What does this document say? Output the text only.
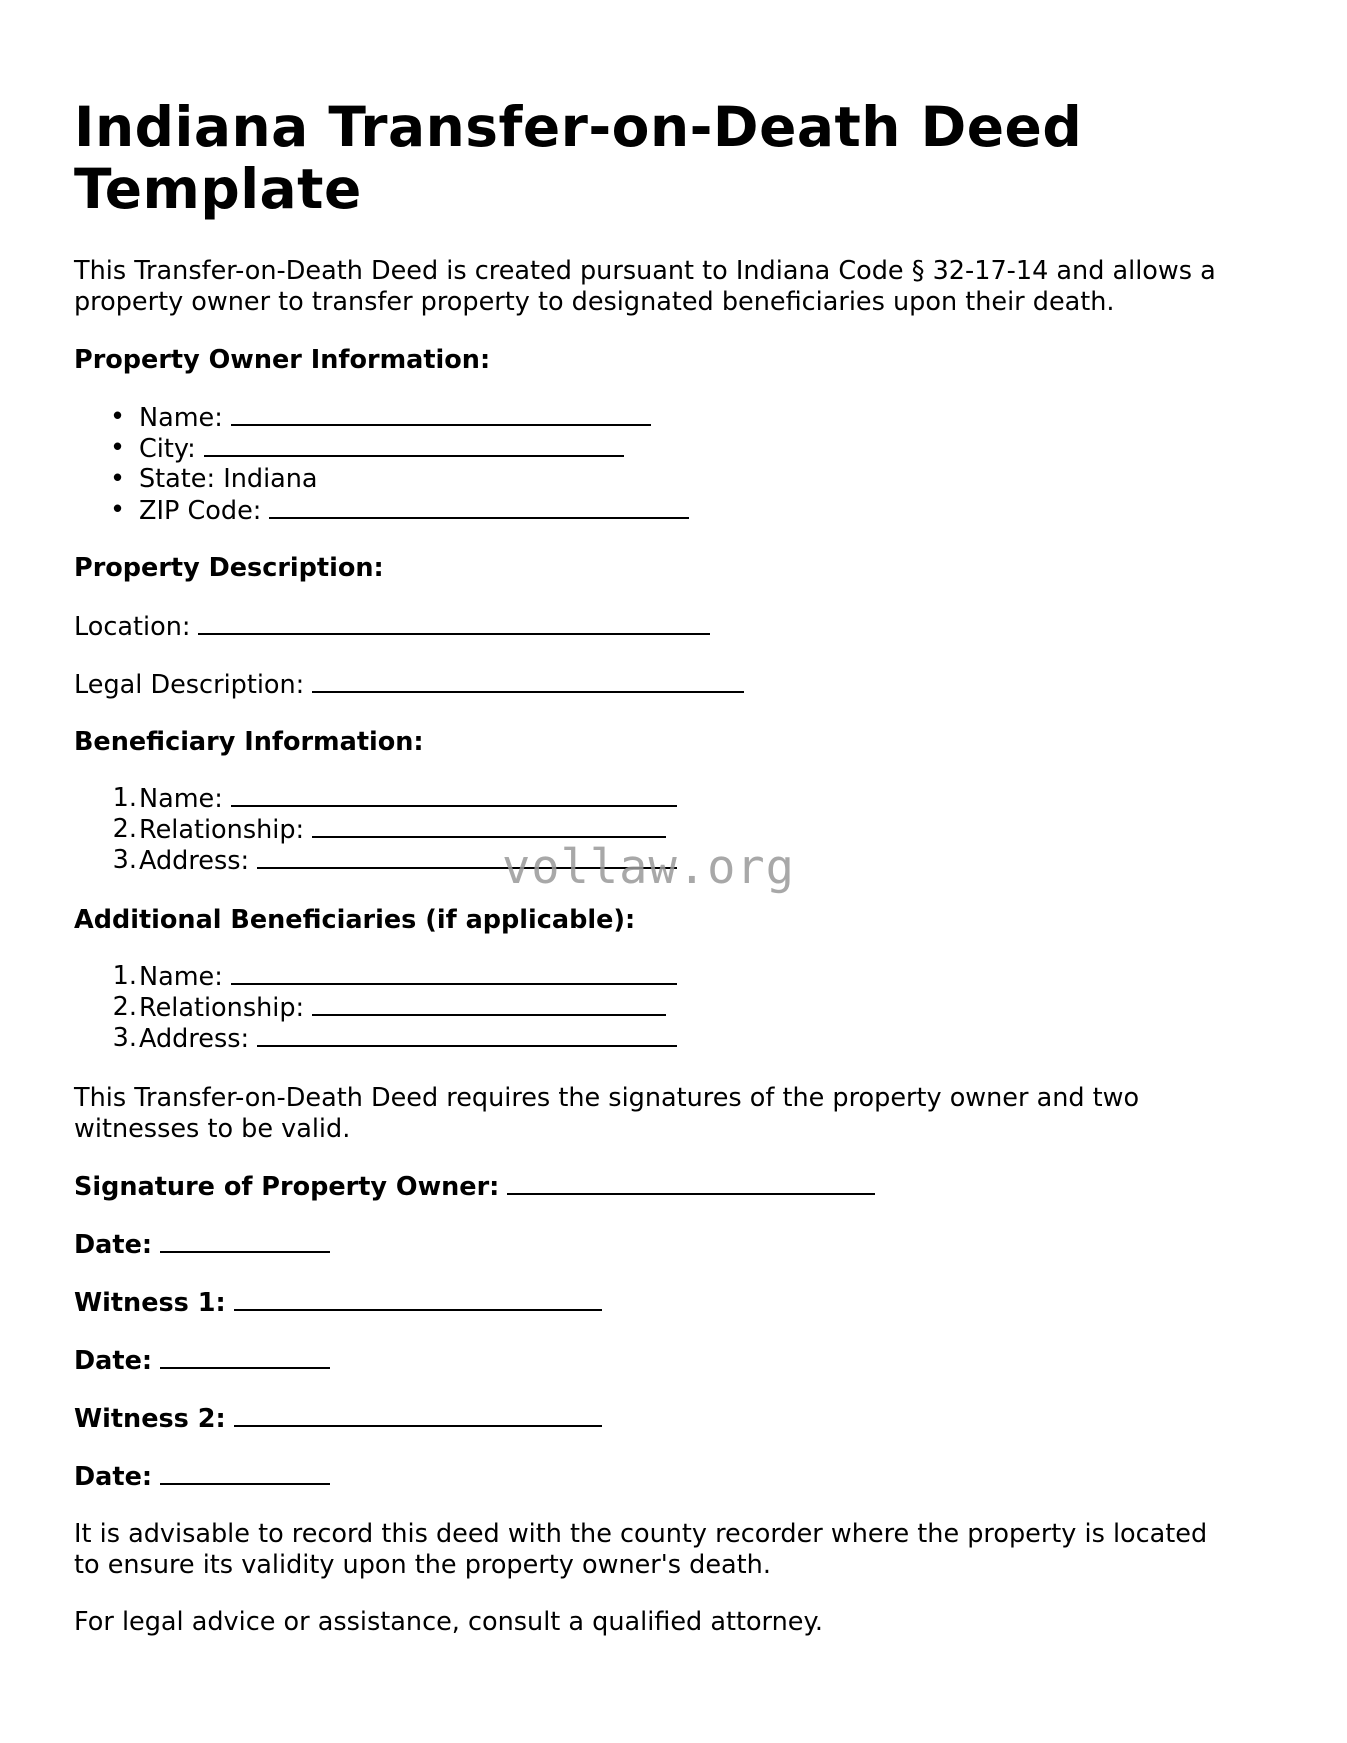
Indiana Transfer-on-Death Deed
Template
This Transfer-on-Death Deed is created pursuant to Indiana Code § 32-17-14 and allows a
property owner to transfer property to designated beneficiaries upon their death.
Property Owner Information:
• Name:
• City:
• State: Indiana
• ZIP Code:
Property Description:
Location:
Legal Description:
Beneficiary Information:
1. Name:
2. Relationship:
3. Address:
Additional Beneficiaries (if applicable):
1. Name:
2. Relationship:
3. Address:
This Transfer-on-Death Deed requires the signatures of the property owner and two
witnesses to be valid.
Signature of Property Owner:
Date:
Witness 1:
Date:
Witness 2:
Date:
It is advisable to record this deed with the county recorder where the property is located
to ensure its validity upon the property owner's death.
For legal advice or assistance, consult a qualified attorney.
vollaw.org
